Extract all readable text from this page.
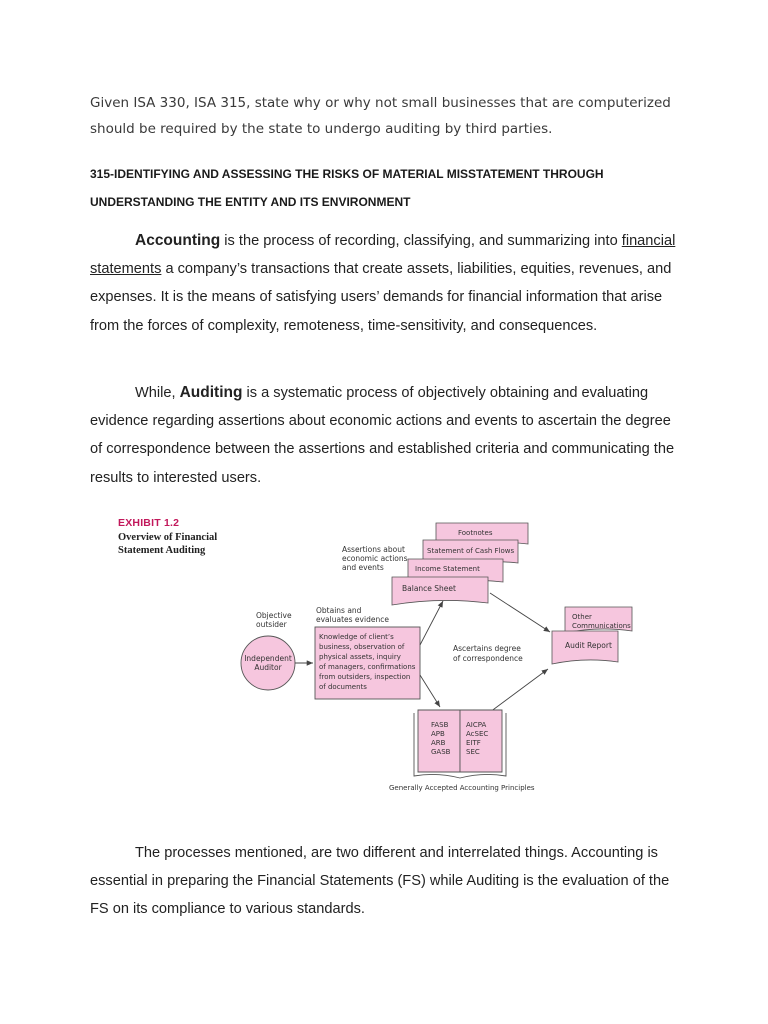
Given ISA 330, ISA 315, state why or why not small businesses that are computerized should be required by the state to undergo auditing by third parties.
315-IDENTIFYING AND ASSESSING THE RISKS OF MATERIAL MISSTATEMENT THROUGH UNDERSTANDING THE ENTITY AND ITS ENVIRONMENT
Accounting is the process of recording, classifying, and summarizing into financial statements a company’s transactions that create assets, liabilities, equities, revenues, and expenses. It is the means of satisfying users’ demands for financial information that arise from the forces of complexity, remoteness, time-sensitivity, and consequences.
While, Auditing is a systematic process of objectively obtaining and evaluating evidence regarding assertions about economic actions and events to ascertain the degree of correspondence between the assertions and established criteria and communicating the results to interested users.
EXHIBIT 1.2
Overview of Financial
Statement Auditing	Assertions about
economic actions
and events
Footnotes
Statement of Cash Flows
Income Statement
Balance Sheet
Objective
outsider
Independent
Auditor
Obtains and
evaluates evidence
Knowledge of client’s
business, observation of
physical assets, inquiry
of managers, confirmations
from outsiders, inspection
of documents
Ascertains degree
of correspondence
Other
Communications
Audit Report
FASB
APB
ARB
GASB
AICPA
AcSEC
EITF
SEC
Generally Accepted Accounting Principles
The processes mentioned, are two different and interrelated things. Accounting is essential in preparing the Financial Statements (FS) while Auditing is the evaluation of the FS on its compliance to various standards.
